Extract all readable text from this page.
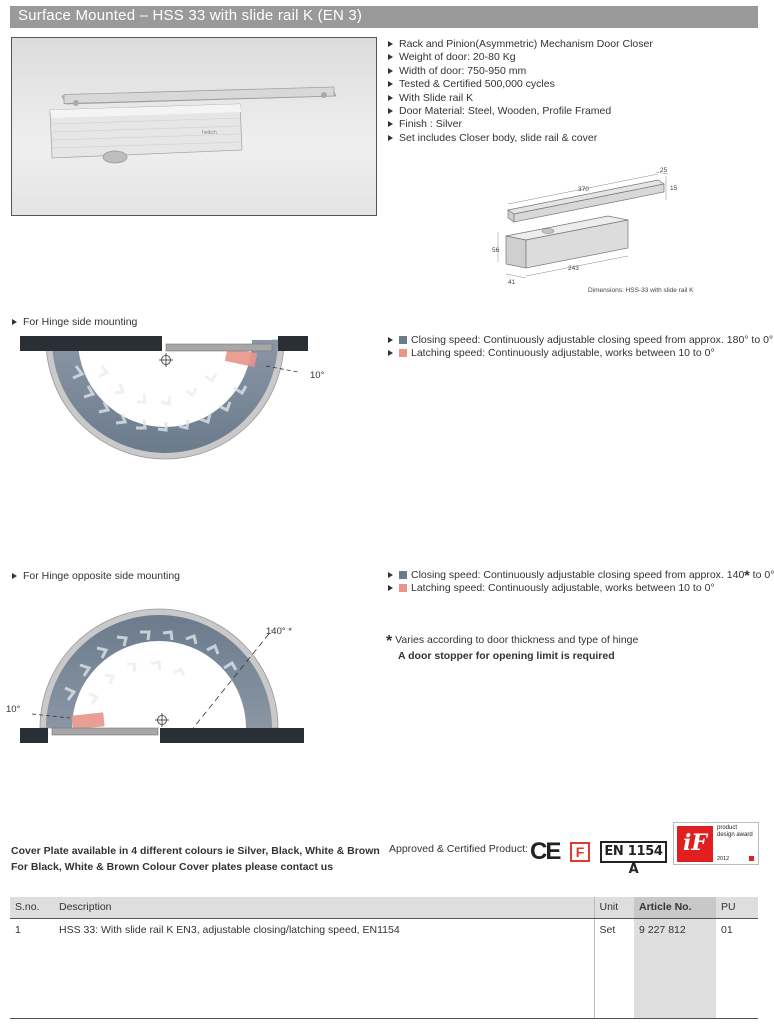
Surface Mounted – HSS 33 with slide rail K (EN 3)
hettich
Rack and Pinion(Asymmetric) Mechanism Door Closer
Weight of door: 20-80 Kg
Width of door: 750-950 mm
Tested & Certified 500,000 cycles
With Slide rail K
Door Material: Steel, Wooden, Profile Framed
Finish : Silver
Set includes Closer body, slide rail & cover
370
25
15
56
243
41
Dimensions: HSS-33 with slide rail K
For Hinge side mounting
10°
Closing speed: Continuously adjustable closing speed from approx. 180° to 0°
Latching speed: Continuously adjustable, works between 10 to 0°
For Hinge opposite side mounting
140° *
10°
Closing speed: Continuously adjustable closing speed from approx. 140* to 0°
Latching speed: Continuously adjustable, works between 10 to 0°
* Varies according to door thickness and type of hinge
A door stopper for opening limit is required
Cover Plate available in 4 different colours ie Silver, Black, White & Brown
For Black, White & Brown Colour Cover plates please contact us
Approved & Certified Product: CE	F	EN 1154 A
iF
product
design award
2012
S.no.	Description	Unit	Article No.	PU
1	HSS 33: With slide rail K EN3, adjustable closing/latching speed, EN1154	Set	9 227 812	01
